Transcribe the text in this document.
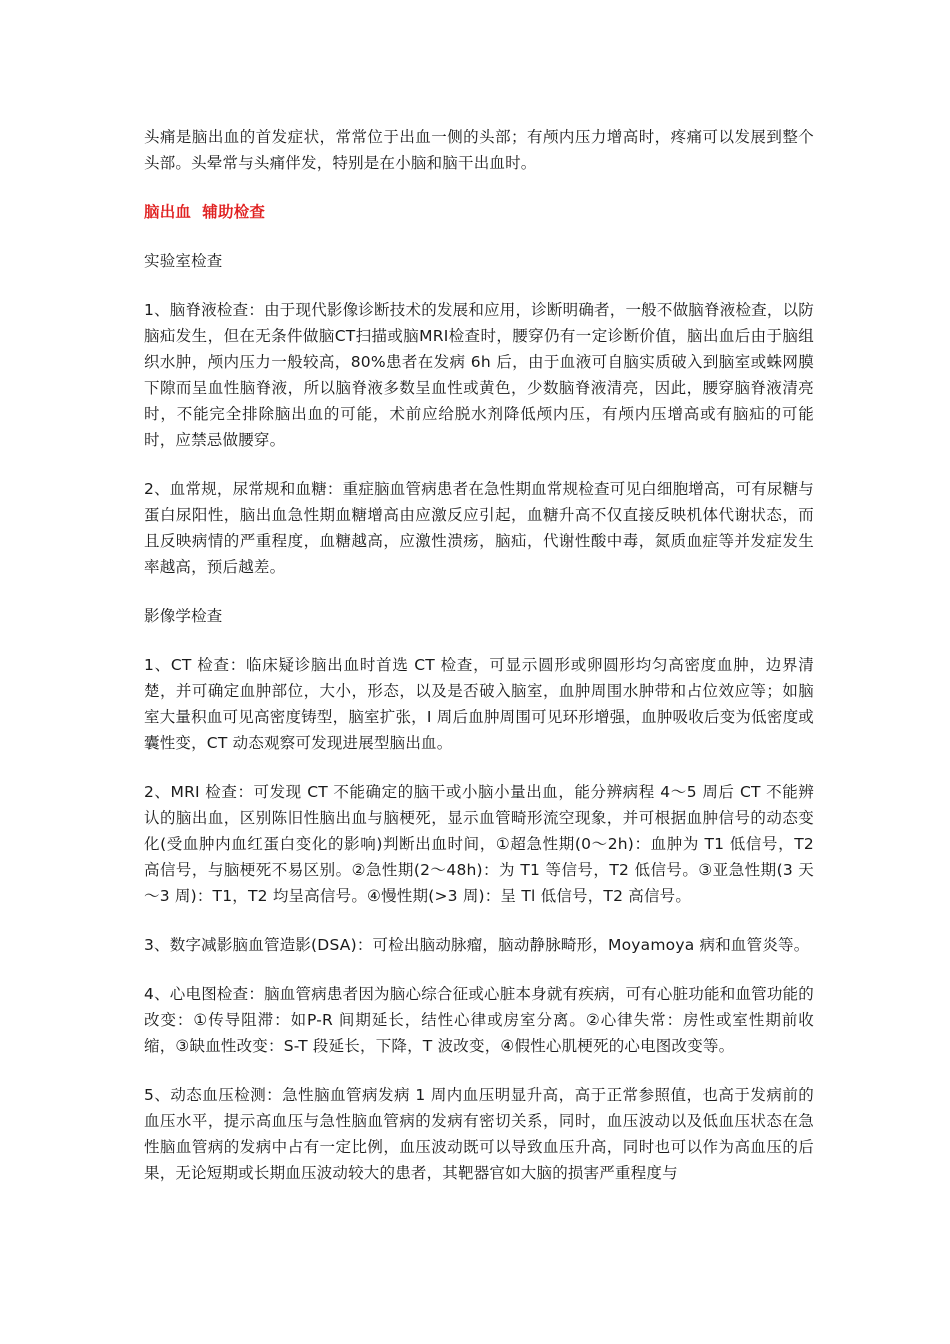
头痛是脑出血的首发症状，常常位于出血一侧的头部；有颅内压力增高时，疼痛可以发展到整个头部。头晕常与头痛伴发，特别是在小脑和脑干出血时。

脑出血  辅助检查

实验室检查

1、脑脊液检查：由于现代影像诊断技术的发展和应用，诊断明确者，一般不做脑脊液检查，以防脑疝发生，但在无条件做脑CT扫描或脑MRI检查时，腰穿仍有一定诊断价值，脑出血后由于脑组织水肿，颅内压力一般较高，80%患者在发病 6h 后，由于血液可自脑实质破入到脑室或蛛网膜下隙而呈血性脑脊液，所以脑脊液多数呈血性或黄色，少数脑脊液清亮，因此，腰穿脑脊液清亮时，不能完全排除脑出血的可能，术前应给脱水剂降低颅内压，有颅内压增高或有脑疝的可能时，应禁忌做腰穿。

2、血常规，尿常规和血糖：重症脑血管病患者在急性期血常规检查可见白细胞增高，可有尿糖与蛋白尿阳性，脑出血急性期血糖增高由应激反应引起，血糖升高不仅直接反映机体代谢状态，而且反映病情的严重程度，血糖越高，应激性溃疡，脑疝，代谢性酸中毒，氮质血症等并发症发生率越高，预后越差。

影像学检查

1、CT 检查：临床疑诊脑出血时首选 CT 检查，可显示圆形或卵圆形均匀高密度血肿，边界清楚，并可确定血肿部位，大小，形态，以及是否破入脑室，血肿周围水肿带和占位效应等；如脑室大量积血可见高密度铸型，脑室扩张，I 周后血肿周围可见环形增强，血肿吸收后变为低密度或囊性变，CT 动态观察可发现进展型脑出血。

2、MRI 检查：可发现 CT 不能确定的脑干或小脑小量出血，能分辨病程 4～5 周后 CT 不能辨认的脑出血，区别陈旧性脑出血与脑梗死，显示血管畸形流空现象，并可根据血肿信号的动态变化(受血肿内血红蛋白变化的影响)判断出血时间，①超急性期(0～2h)：血肿为 T1 低信号，T2 高信号，与脑梗死不易区别。②急性期(2～48h)：为 T1 等信号，T2 低信号。③亚急性期(3 天～3 周)：T1，T2 均呈高信号。④慢性期(>3 周)：呈 Tl 低信号，T2 高信号。

3、数字减影脑血管造影(DSA)：可检出脑动脉瘤，脑动静脉畸形，Moyamoya 病和血管炎等。

4、心电图检查：脑血管病患者因为脑心综合征或心脏本身就有疾病，可有心脏功能和血管功能的改变：①传导阻滞：如P-R 间期延长，结性心律或房室分离。②心律失常：房性或室性期前收缩，③缺血性改变：S-T 段延长，下降，T 波改变，④假性心肌梗死的心电图改变等。

5、动态血压检测：急性脑血管病发病 1 周内血压明显升高，高于正常参照值，也高于发病前的血压水平，提示高血压与急性脑血管病的发病有密切关系，同时，血压波动以及低血压状态在急性脑血管病的发病中占有一定比例，血压波动既可以导致血压升高，同时也可以作为高血压的后果，无论短期或长期血压波动较大的患者，其靶器官如大脑的损害严重程度与
